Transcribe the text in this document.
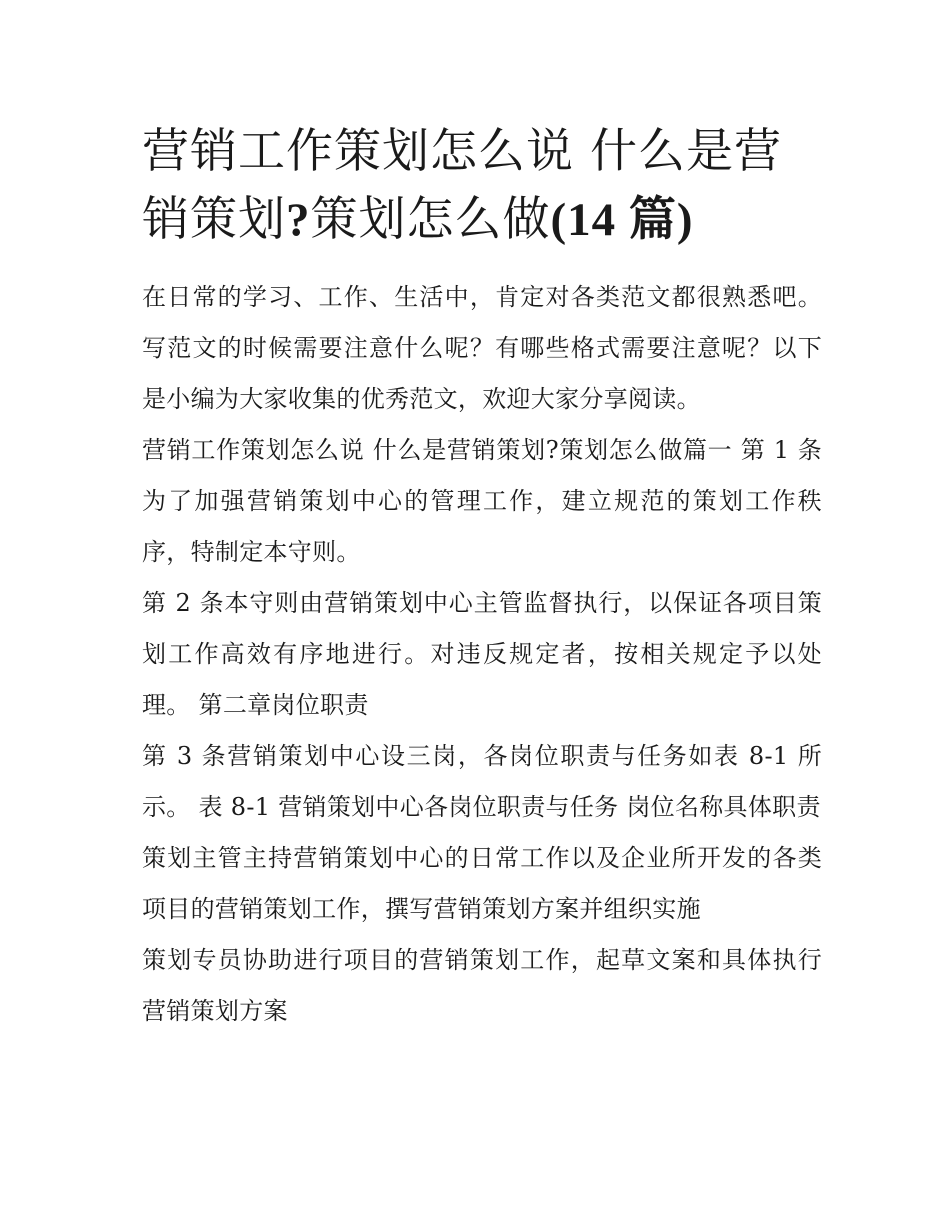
营销工作策划怎么说 什么是营销策划?策划怎么做(14 篇)

在日常的学习、工作、生活中，肯定对各类范文都很熟悉吧。写范文的时候需要注意什么呢？有哪些格式需要注意呢？以下是小编为大家收集的优秀范文，欢迎大家分享阅读。

营销工作策划怎么说 什么是营销策划?策划怎么做篇一 第 1 条为了加强营销策划中心的管理工作，建立规范的策划工作秩序，特制定本守则。

第 2 条本守则由营销策划中心主管监督执行，以保证各项目策划工作高效有序地进行。对违反规定者，按相关规定予以处理。 第二章岗位职责

第 3 条营销策划中心设三岗，各岗位职责与任务如表 8-1 所示。 表 8-1 营销策划中心各岗位职责与任务 岗位名称具体职责

策划主管主持营销策划中心的日常工作以及企业所开发的各类项目的营销策划工作，撰写营销策划方案并组织实施

策划专员协助进行项目的营销策划工作，起草文案和具体执行营销策划方案
